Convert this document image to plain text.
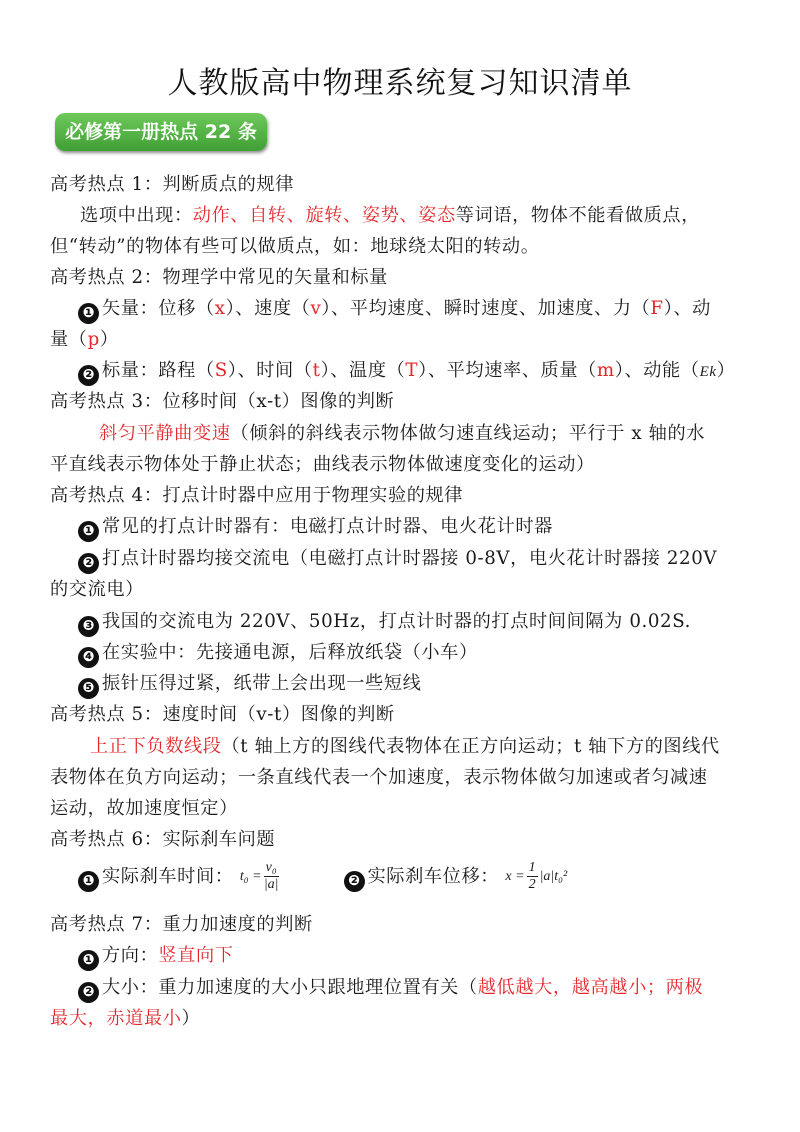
人教版高中物理系统复习知识清单
必修第一册热点 22 条
高考热点 1：判断质点的规律
选项中出现：动作、自转、旋转、姿势、姿态等词语，物体不能看做质点，
但“转动”的物体有些可以做质点，如：地球绕太阳的转动。
高考热点 2：物理学中常见的矢量和标量
❶ 矢量：位移（x）、速度（v）、平均速度、瞬时速度、加速度、力（F）、动
量（p）
❷ 标量：路程（S）、时间（t）、温度（T）、平均速率、质量（m）、动能（Ek）
高考热点 3：位移时间（x-t）图像的判断
斜匀平静曲变速（倾斜的斜线表示物体做匀速直线运动；平行于 x 轴的水
平直线表示物体处于静止状态；曲线表示物体做速度变化的运动）
高考热点 4：打点计时器中应用于物理实验的规律
❶ 常见的打点计时器有：电磁打点计时器、电火花计时器
❷ 打点计时器均接交流电（电磁打点计时器接 0-8V，电火花计时器接 220V
的交流电）
❸ 我国的交流电为 220V、50Hz，打点计时器的打点时间间隔为 0.02S.
❹ 在实验中：先接通电源，后释放纸袋（小车）
❺ 振针压得过紧，纸带上会出现一些短线
高考热点 5：速度时间（v-t）图像的判断
上正下负数线段（t 轴上方的图线代表物体在正方向运动；t 轴下方的图线代
表物体在负方向运动；一条直线代表一个加速度，表示物体做匀加速或者匀减速
运动，故加速度恒定）
高考热点 6：实际刹车问题
❶ 实际刹车时间： $t_0 = \frac{\text{v₀}}{|a|}$	❷ 实际刹车位移： $x = \frac{1}{2} |a|t_0^2$
高考热点 7：重力加速度的判断
❶ 方向：竖直向下
❷ 大小：重力加速度的大小只跟地理位置有关（越低越大，越高越小；两极
最大，赤道最小）
